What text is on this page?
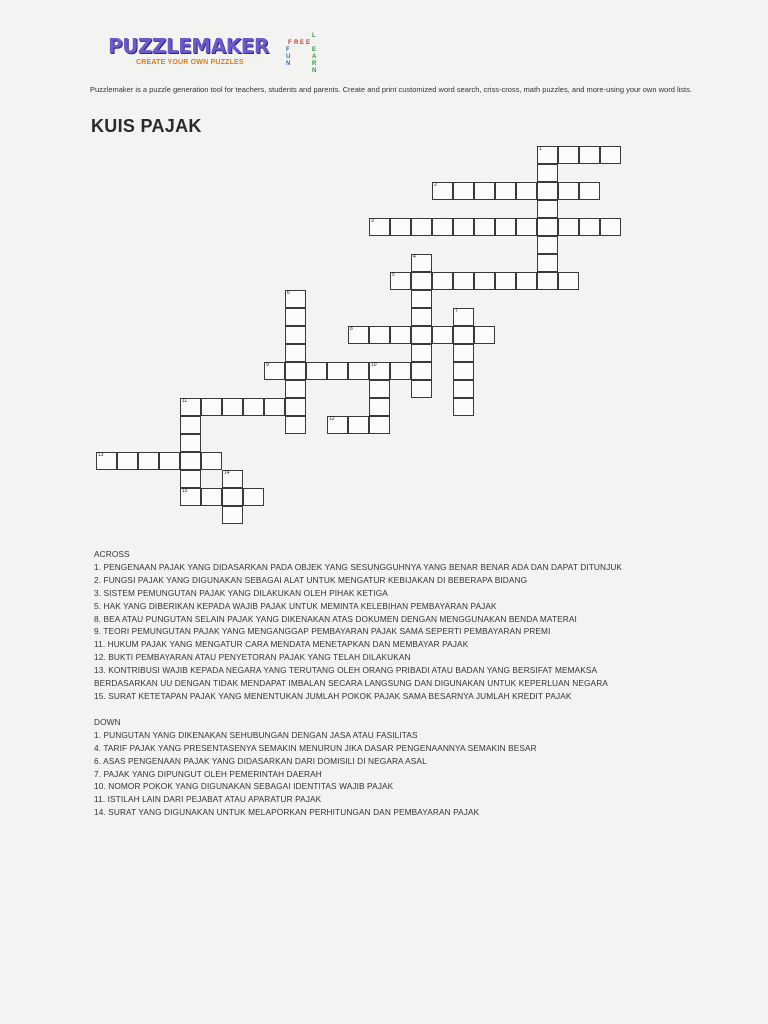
PUZZLEMAKER
CREATE YOUR OWN PUZZLES
F R E E
F
U
N
L
E
A
R
N
Puzzlemaker is a puzzle generation tool for teachers, students and parents. Create and print customized word search, criss-cross, math puzzles, and more-using your own word lists.
KUIS PAJAK
1
2
3
4
5
6
7
8
9	10
11
15
12
13
14
ACROSS
1. PENGENAAN PAJAK YANG DIDASARKAN PADA OBJEK YANG SESUNGGUHNYA YANG BENAR BENAR ADA DAN DAPAT DITUNJUK
2. FUNGSI PAJAK YANG DIGUNAKAN SEBAGAI ALAT UNTUK MENGATUR KEBIJAKAN DI BEBERAPA BIDANG
3. SISTEM PEMUNGUTAN PAJAK YANG DILAKUKAN OLEH PIHAK KETIGA
5. HAK YANG DIBERIKAN KEPADA WAJIB PAJAK UNTUK MEMINTA KELEBIHAN PEMBAYARAN PAJAK
8. BEA ATAU PUNGUTAN SELAIN PAJAK YANG DIKENAKAN ATAS DOKUMEN DENGAN MENGGUNAKAN BENDA MATERAI
9. TEORI PEMUNGUTAN PAJAK YANG MENGANGGAP PEMBAYARAN PAJAK SAMA SEPERTI PEMBAYARAN PREMI
11. HUKUM PAJAK YANG MENGATUR CARA MENDATA MENETAPKAN DAN MEMBAYAR PAJAK
12. BUKTI PEMBAYARAN ATAU PENYETORAN PAJAK YANG TELAH DILAKUKAN
13. KONTRIBUSI WAJIB KEPADA NEGARA YANG TERUTANG OLEH ORANG PRIBADI ATAU BADAN YANG BERSIFAT MEMAKSA
BERDASARKAN UU DENGAN TIDAK MENDAPAT IMBALAN SECARA LANGSUNG DAN DIGUNAKAN UNTUK KEPERLUAN NEGARA
15. SURAT KETETAPAN PAJAK YANG MENENTUKAN JUMLAH POKOK PAJAK SAMA BESARNYA JUMLAH KREDIT PAJAK
DOWN
1. PUNGUTAN YANG DIKENAKAN SEHUBUNGAN DENGAN JASA ATAU FASILITAS
4. TARIF PAJAK YANG PRESENTASENYA SEMAKIN MENURUN JIKA DASAR PENGENAANNYA SEMAKIN BESAR
6. ASAS PENGENAAN PAJAK YANG DIDASARKAN DARI DOMISILI DI NEGARA ASAL
7. PAJAK YANG DIPUNGUT OLEH PEMERINTAH DAERAH
10. NOMOR POKOK YANG DIGUNAKAN SEBAGAI IDENTITAS WAJIB PAJAK
11. ISTILAH LAIN DARI PEJABAT ATAU APARATUR PAJAK
14. SURAT YANG DIGUNAKAN UNTUK MELAPORKAN PERHITUNGAN DAN PEMBAYARAN PAJAK
